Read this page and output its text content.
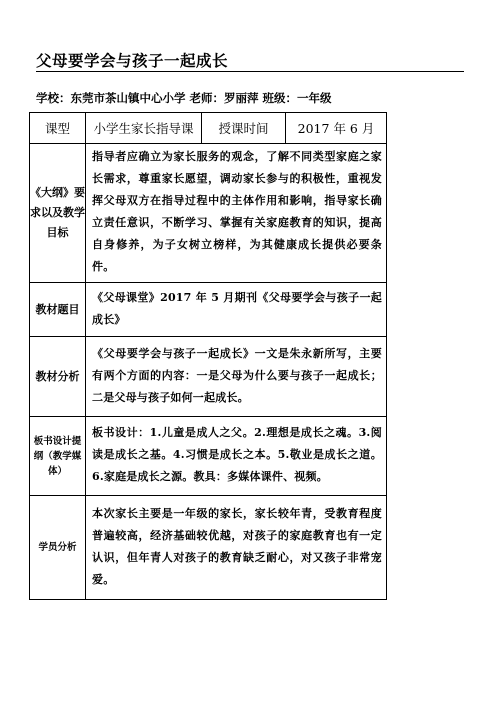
父母要学会与孩子一起成长
学校：东莞市茶山镇中心小学 老师：罗丽萍 班级：一年级
课型	小学生家长指导课	授课时间	2017 年 6 月
《大纲》要求以及教学目标	指导者应确立为家长服务的观念，了解不同类型家庭之家长需求，尊重家长愿望，调动家长参与的积极性，重视发挥父母双方在指导过程中的主体作用和影响，指导家长确立责任意识，不断学习、掌握有关家庭教育的知识，提高自身修养，为子女树立榜样，为其健康成长提供必要条件。		
教材题目	《父母课堂》2017 年 5 月期刊《父母要学会与孩子一起成长》		
教材分析	《父母要学会与孩子一起成长》一文是朱永新所写，主要有两个方面的内容：一是父母为什么要与孩子一起成长；二是父母与孩子如何一起成长。		
板书设计提纲（教学媒体）	板书设计：1.儿童是成人之父。2.理想是成长之魂。3.阅读是成长之基。4.习惯是成长之本。5.敬业是成长之道。6.家庭是成长之源。教具：多媒体课件、视频。		
学员分析	本次家长主要是一年级的家长，家长较年青，受教育程度普遍较高，经济基础较优越，对孩子的家庭教育也有一定认识，但年青人对孩子的教育缺乏耐心，对又孩子非常宠爱。		
